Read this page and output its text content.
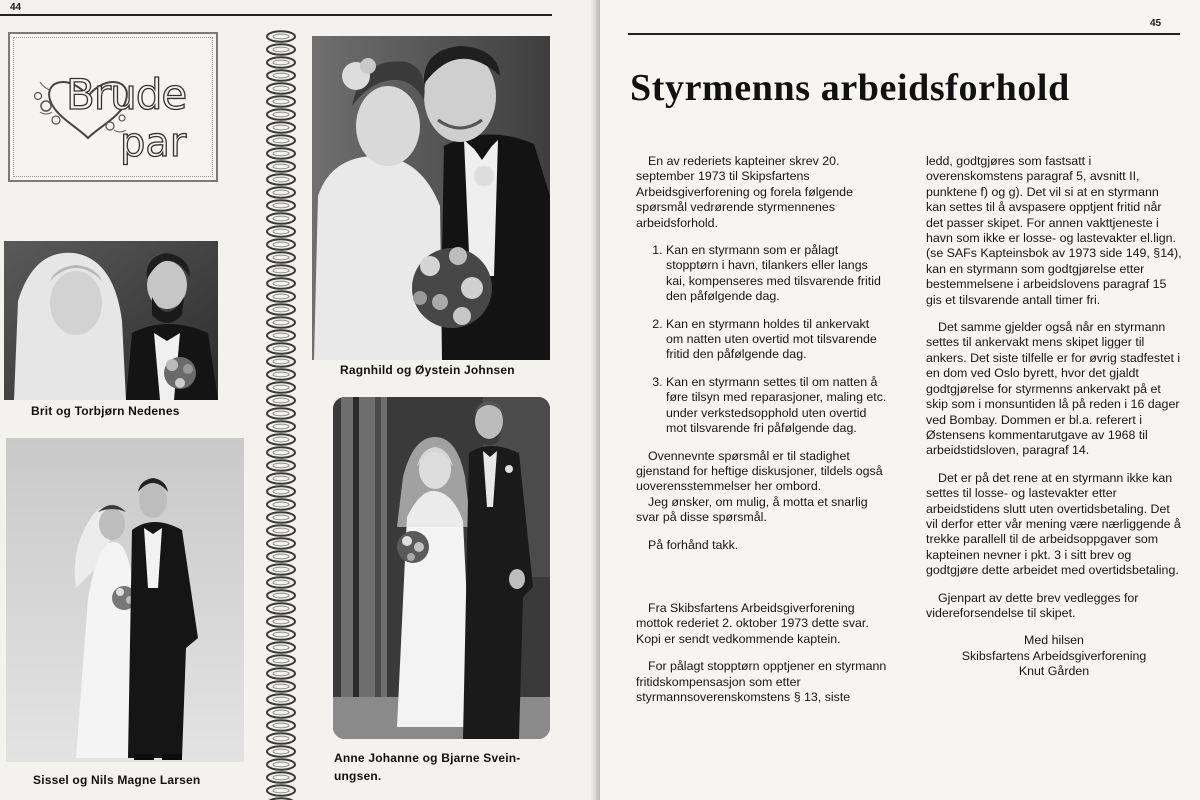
44
Brude
par
Brit og Torbjørn Nedenes
Sissel og Nils Magne Larsen
Ragnhild og Øystein Johnsen
Anne Johanne og Bjarne Svein-
ungsen.
45
Styrmenns arbeidsforhold

En av rederiets kapteiner skrev 20. september 1973 til Skipsfartens Arbeidsgiverforening og forela følgende spørsmål vedrørende styrmennenes arbeidsforhold.

1. Kan en styrmann som er pålagt stopptørn i havn, tilankers eller langs kai, kompenseres med tilsvarende fritid den påfølgende dag.
2. Kan en styrmann holdes til ankervakt om natten uten overtid mot tilsvarende fritid den påfølgende dag.
3. Kan en styrmann settes til om natten å føre tilsyn med reparasjoner, maling etc. under verkstedsopphold uten overtid mot tilsvarende fri påfølgende dag.

Ovennevnte spørsmål er til stadighet gjenstand for heftige diskusjoner, tildels også uoverensstemmelser her ombord.

Jeg ønsker, om mulig, å motta et snarlig svar på disse spørsmål.

På forhånd takk.

Fra Skibsfartens Arbeidsgiverforening mottok rederiet 2. oktober 1973 dette svar. Kopi er sendt vedkommende kaptein.

For pålagt stopptørn opptjener en styrmann fritidskompensasjon som etter styrmannsoverenskomstens § 13, siste

ledd, godtgjøres som fastsatt i overenskomstens paragraf 5, avsnitt II, punktene f) og g). Det vil si at en styrmann kan settes til å avspasere opptjent fritid når det passer skipet. For annen vakttjeneste i havn som ikke er losse- og lastevakter el.lign. (se SAFs Kapteinsbok av 1973 side 149, §14), kan en styrmann som godtgjørelse etter bestemmelsene i arbeidslovens paragraf 15 gis et tilsvarende antall timer fri.

Det samme gjelder også når en styrmann settes til ankervakt mens skipet ligger til ankers. Det siste tilfelle er for øvrig stadfestet i en dom ved Oslo byrett, hvor det gjaldt godtgjørelse for styrmenns ankervakt på et skip som i monsuntiden lå på reden i 16 dager ved Bombay. Dommen er bl.a. referert i Østensens kommentarutgave av 1968 til arbeidstidsloven, paragraf 14.

Det er på det rene at en styrmann ikke kan settes til losse- og lastevakter etter arbeidstidens slutt uten overtidsbetaling. Det vil derfor etter vår mening være nærliggende å trekke parallell til de arbeidsoppgaver som kapteinen nevner i pkt. 3 i sitt brev og godtgjøre dette arbeidet med overtidsbetaling.

Gjenpart av dette brev vedlegges for videreforsendelse til skipet.

Med hilsen

Skibsfartens Arbeidsgiverforening

Knut Gården
